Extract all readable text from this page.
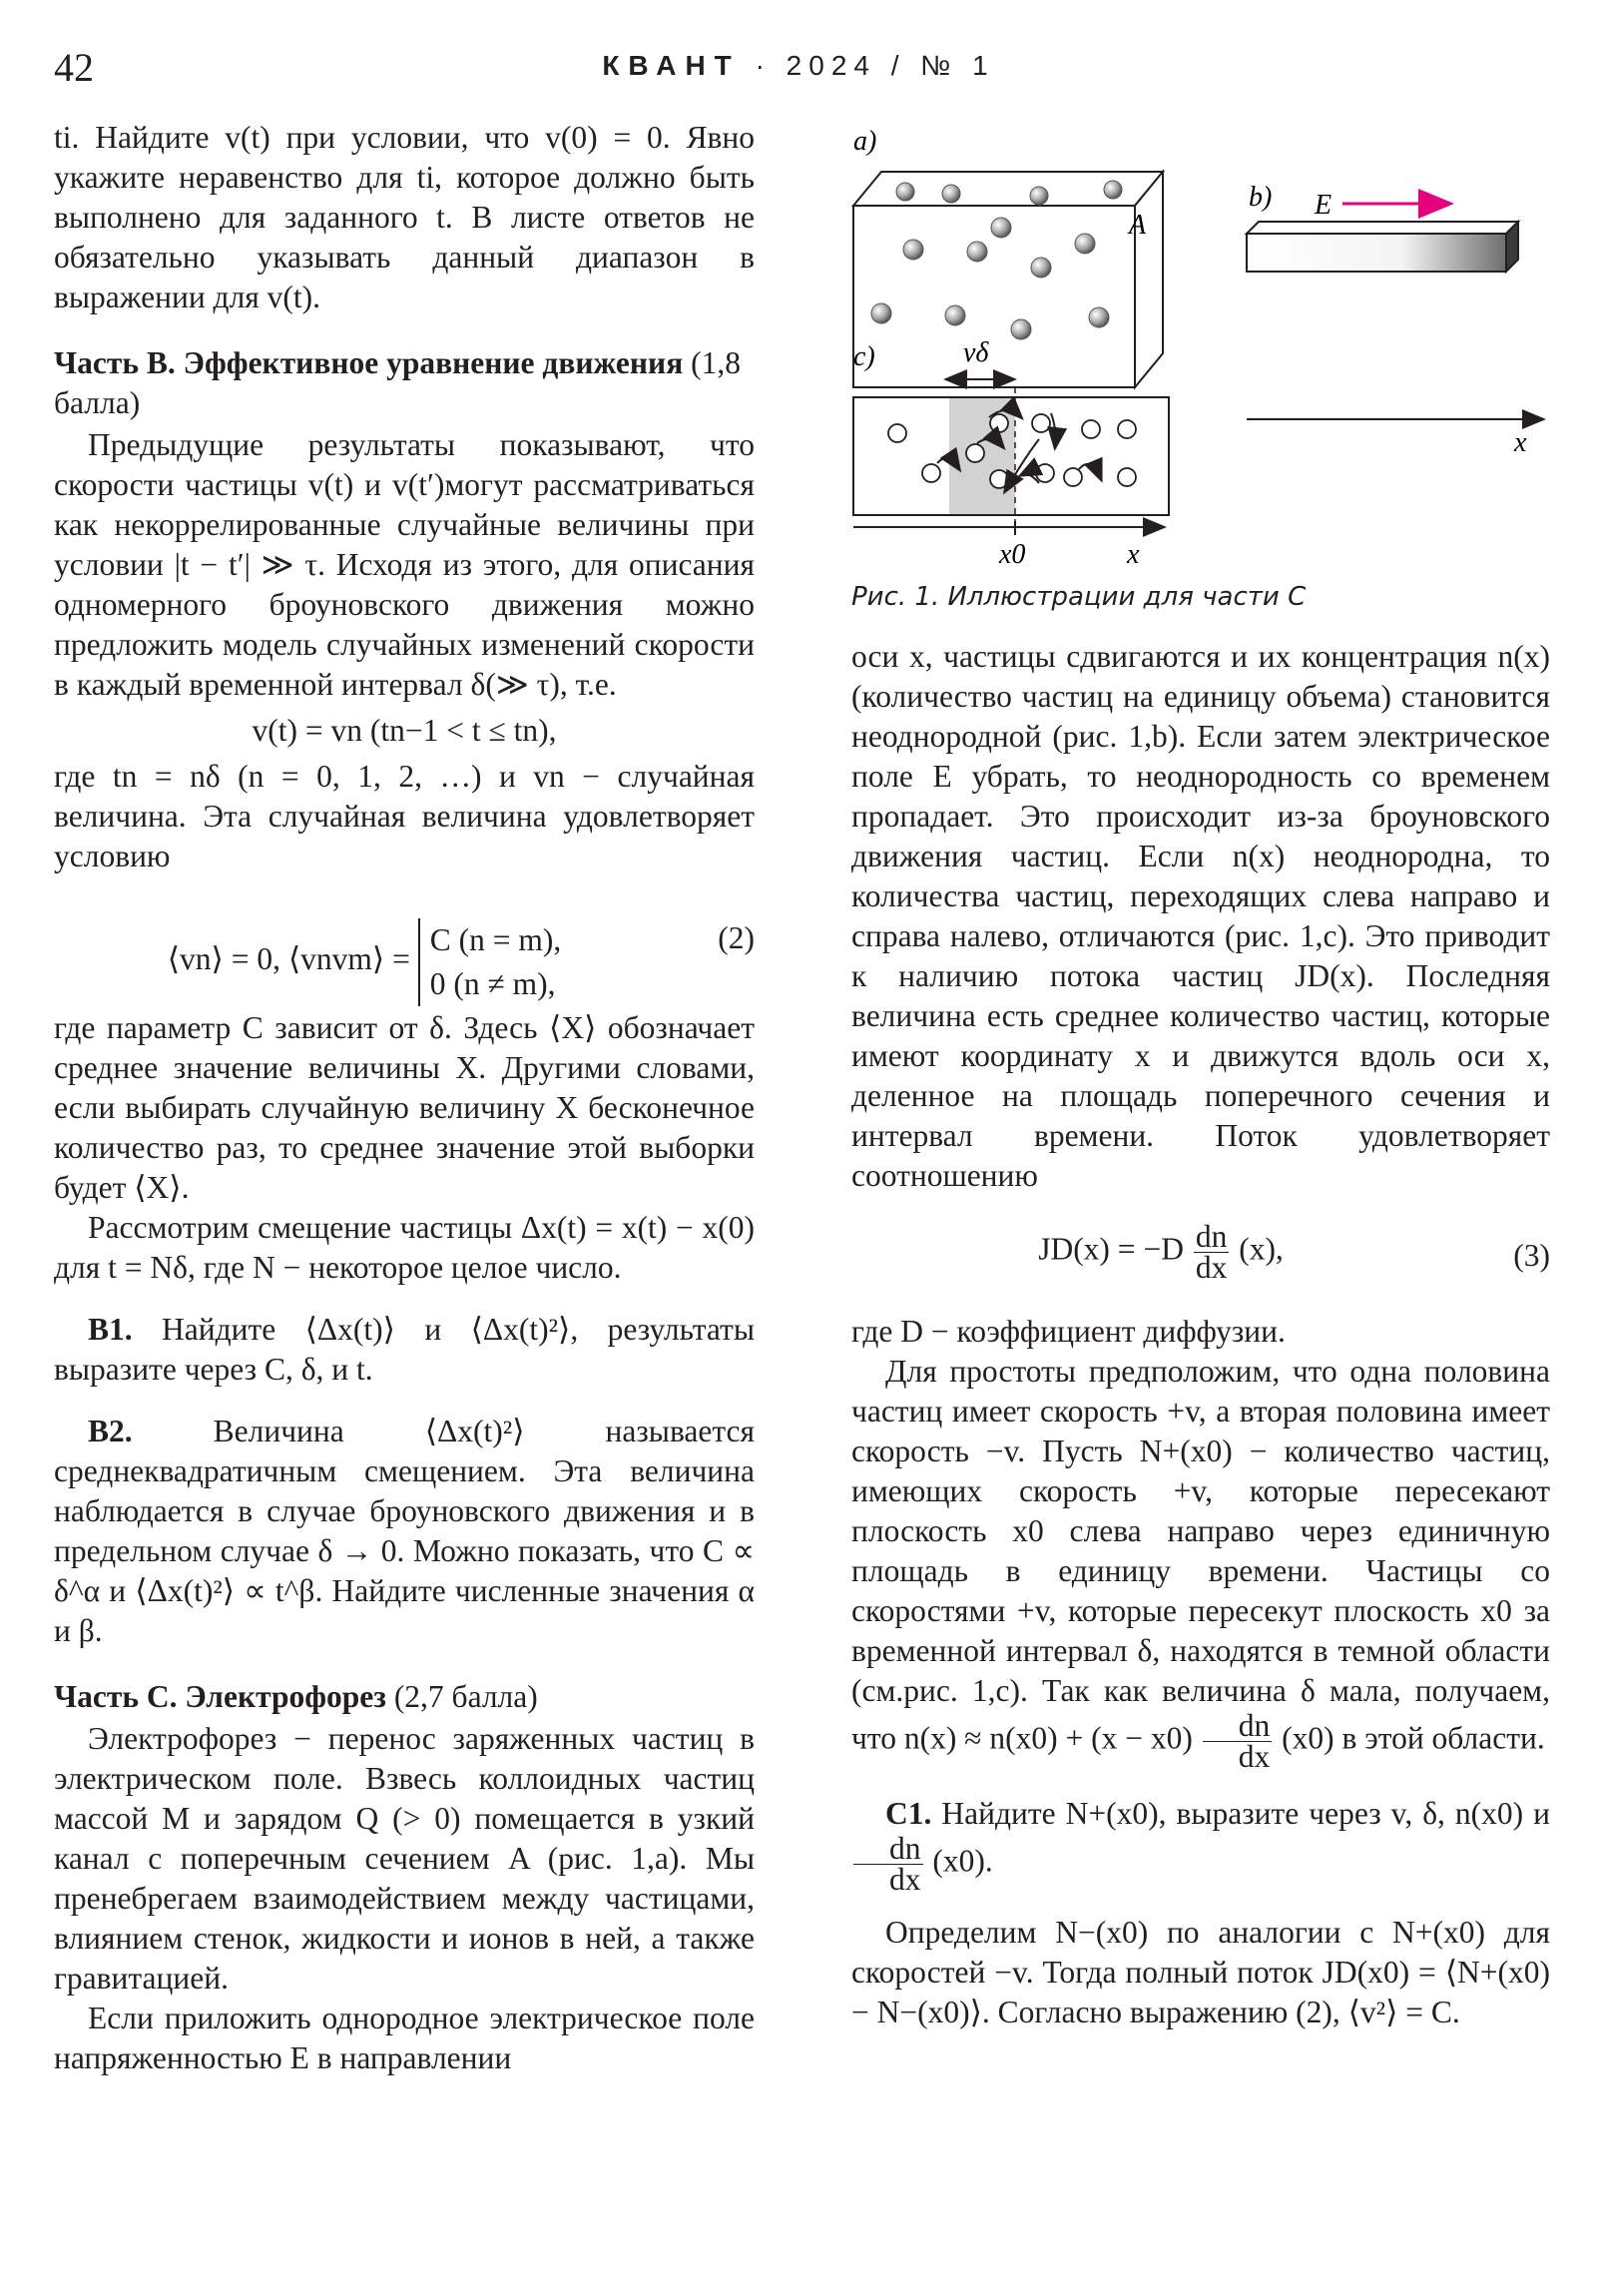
42	КВАНТ · 2024 / № 1

ti. Найдите v(t) при условии, что v(0) = 0. Явно укажите неравенство для ti, которое должно быть выполнено для заданного t. В листе ответов не обязательно указывать данный диапазон в выражении для v(t).

Часть B. Эффективное уравнение движения (1,8 балла)

Предыдущие результаты показывают, что скорости частицы v(t) и v(t′)могут рассматриваться как некоррелированные случайные величины при условии |t − t′| ≫ τ. Исходя из этого, для описания одномерного броуновского движения можно предложить модель случайных изменений скорости в каждый временной интервал δ(≫ τ), т.е.

v(t) = vn (tn−1 < t ≤ tn),

где tn = nδ (n = 0, 1, 2, …) и vn − случайная величина. Эта случайная величина удовлетворяет условию

⟨vn⟩ = 0, ⟨vnvm⟩ = C (n = m),
0 (n ≠ m),
(2)

где параметр C зависит от δ. Здесь ⟨X⟩ обозначает среднее значение величины X. Другими словами, если выбирать случайную величину X бесконечное количество раз, то среднее значение этой выборки будет ⟨X⟩.

Рассмотрим смещение частицы Δx(t) = x(t) − x(0) для t = Nδ, где N − некоторое целое число.

B1. Найдите ⟨Δx(t)⟩ и ⟨Δx(t)²⟩, результаты выразите через C, δ, и t.

B2.	Величина ⟨Δx(t)²⟩ называется среднеквадратичным смещением. Эта величина наблюдается в случае броуновского движения и в предельном случае δ → 0. Можно показать, что C ∝ δ^α и ⟨Δx(t)²⟩ ∝ t^β. Найдите численные значения α и β.

Часть C. Электрофорез (2,7 балла)

Электрофорез − перенос заряженных частиц в электрическом поле. Взвесь коллоидных частиц массой M и зарядом Q (> 0) помещается в узкий канал с поперечным сечением A (рис. 1,a). Мы пренебрегаем взаимодействием между частицами, влиянием стенок, жидкости и ионов в ней, а также гравитацией.

Если приложить однородное электрическое поле напряженностью E в направлении

a)
A
b) E
x
c)	vδ
x0	x

Рис. 1. Иллюстрации для части C

оси x, частицы сдвигаются и их концентрация n(x) (количество частиц на единицу объема) становится неоднородной (рис. 1,b). Если затем электрическое поле E убрать, то неоднородность со временем пропадает. Это происходит из-за броуновского движения частиц. Если n(x) неоднородна, то количества частиц, переходящих слева направо и справа налево, отличаются (рис. 1,c). Это приводит к наличию потока частиц JD(x). Последняя величина есть среднее количество частиц, которые имеют координату x и движутся вдоль оси x, деленное на площадь поперечного сечения и интервал времени. Поток удовлетворяет соотношению

$JD(x) = -D \frac{dn}{dx} (x)$,	(3)

где D − коэффициент диффузии.

Для простоты предположим, что одна половина частиц имеет скорость +v, а вторая половина имеет скорость −v. Пусть N+(x0) − количество частиц, имеющих скорость +v, которые пересекают плоскость x0 слева направо через единичную площадь в единицу времени. Частицы со скоростями +v, которые пересекут плоскость x0 за временной интервал δ, находятся в темной области (см.рис. 1,c). Так как величина δ мала, получаем, что $n(x) \approx n(x0) + (x - x0) \frac{dn}{dx} (x0)$ в этой области.

C1. Найдите N+(x0), выразите через v, δ, n(x0) и
$\frac{dn}{dx} (x0)$.

Определим N−(x0) по аналогии с N+(x0) для скоростей −v. Тогда полный поток JD(x0) = ⟨N+(x0) − N−(x0)⟩. Согласно выражению (2), ⟨v²⟩ = C.
